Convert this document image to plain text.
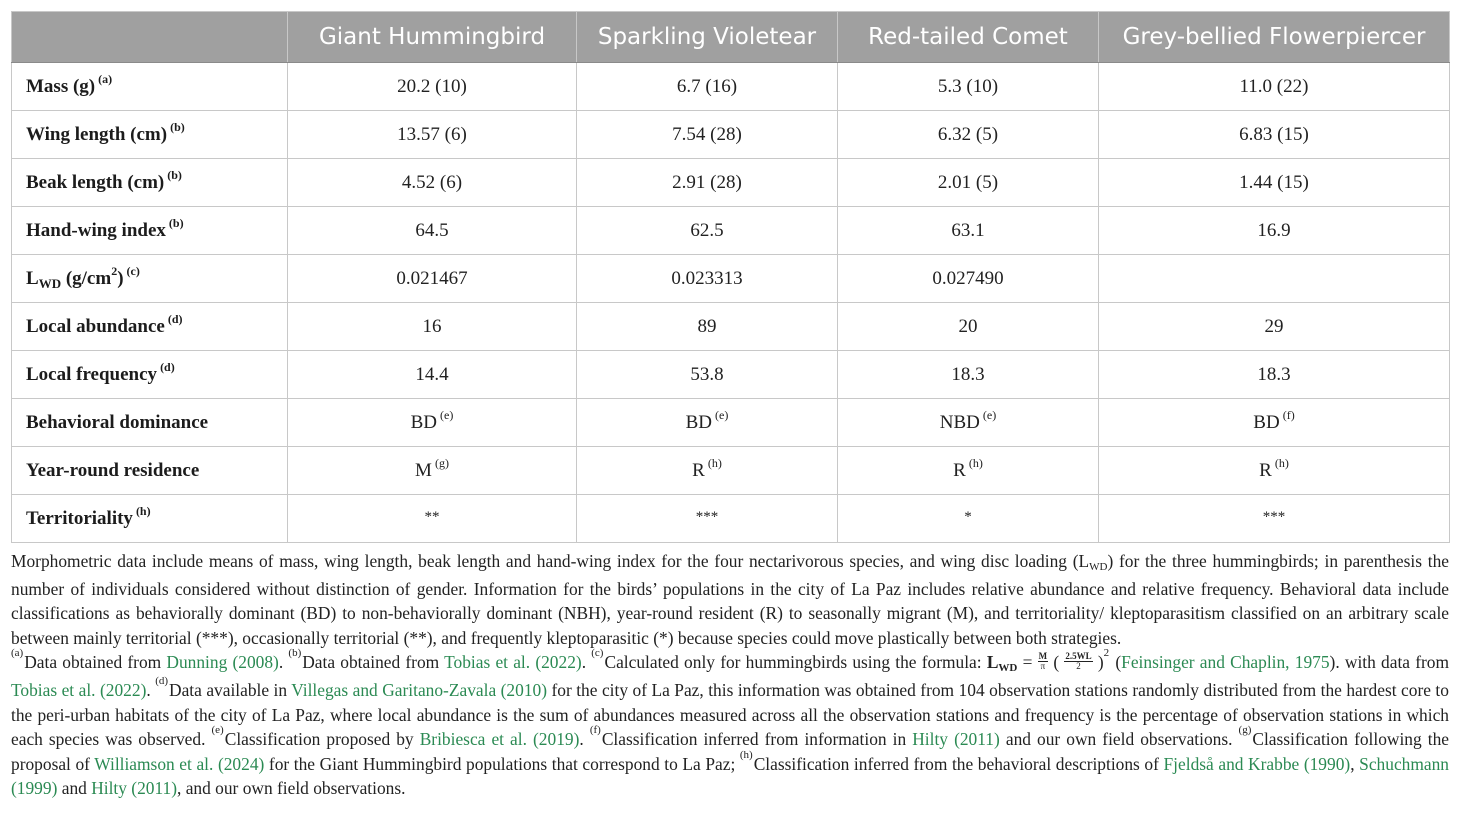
	Giant Hummingbird	Sparkling Violetear	Red-tailed Comet	Grey-bellied Flowerpiercer
Mass (g) $^{(a)}$	20.2 (10)	6.7 (16)	5.3 (10)	11.0 (22)
Wing length (cm) $^{(b)}$	13.57 (6)	7.54 (28)	6.32 (5)	6.83 (15)
Beak length (cm) $^{(b)}$	4.52 (6)	2.91 (28)	2.01 (5)	1.44 (15)
Hand-wing index $^{(b)}$	64.5	62.5	63.1	16.9
$L_{WD}$ $(g/cm^2)$ $^{(c)}$	0.021467	0.023313	0.027490	
Local abundance $^{(d)}$	16	89	20	29
Local frequency $^{(d)}$	14.4	53.8	18.3	18.3
Behavioral dominance	BD $^{(e)}$	BD $^{(e)}$	NBD $^{(e)}$	BD $^{(f)}$
Year-round residence	M $^{(g)}$	R $^{(h)}$	R $^{(h)}$	R $^{(h)}$
Territoriality $^{(h)}$	**	***	*	***

Morphometric data include means of mass, wing length, beak length and hand-wing index for the four nectarivorous species, and wing disc loading (LWD) for the three hummingbirds; in parenthesis the number of individuals considered without distinction of gender. Information for the birds’ populations in the city of La Paz includes relative abundance and relative frequency. Behavioral data include classifications as behaviorally dominant (BD) to non-behaviorally dominant (NBH), year-round resident (R) to seasonally migrant (M), and territoriality/ kleptoparasitism classified on an arbitrary scale between mainly territorial (***), occasionally territorial (**), and frequently kleptoparasitic (*) because species could move plastically between both strategies.

$^{(a)}$Data obtained from Dunning (2008). $^{(b)}$Data obtained from Tobias et al. (2022). $^{(c)}$Calculated only for hummingbirds using the formula: LWD = $\frac{M}{\pi}$ ( $\frac{2.5WL}{2} )^2$ (Feinsinger and Chaplin, 1975). with data from Tobias et al. (2022). $^{(d)}$Data available in Villegas and Garitano-Zavala (2010) for the city of La Paz, this information was obtained from 104 observation stations randomly distributed from the hardest core to the peri-urban habitats of the city of La Paz, where local abundance is the sum of abundances measured across all the observation stations and frequency is the percentage of observation stations in which each species was observed. $^{(e)}$Classification proposed by Bribiesca et al. (2019). $^{(f)}$Classification inferred from information in Hilty (2011) and our own field observations. $^{(g)}$Classification following the proposal of Williamson et al. (2024) for the Giant Hummingbird populations that correspond to La Paz; $^{(h)}$Classification inferred from the behavioral descriptions of Fjeldså and Krabbe (1990), Schuchmann (1999) and Hilty (2011), and our own field observations.
